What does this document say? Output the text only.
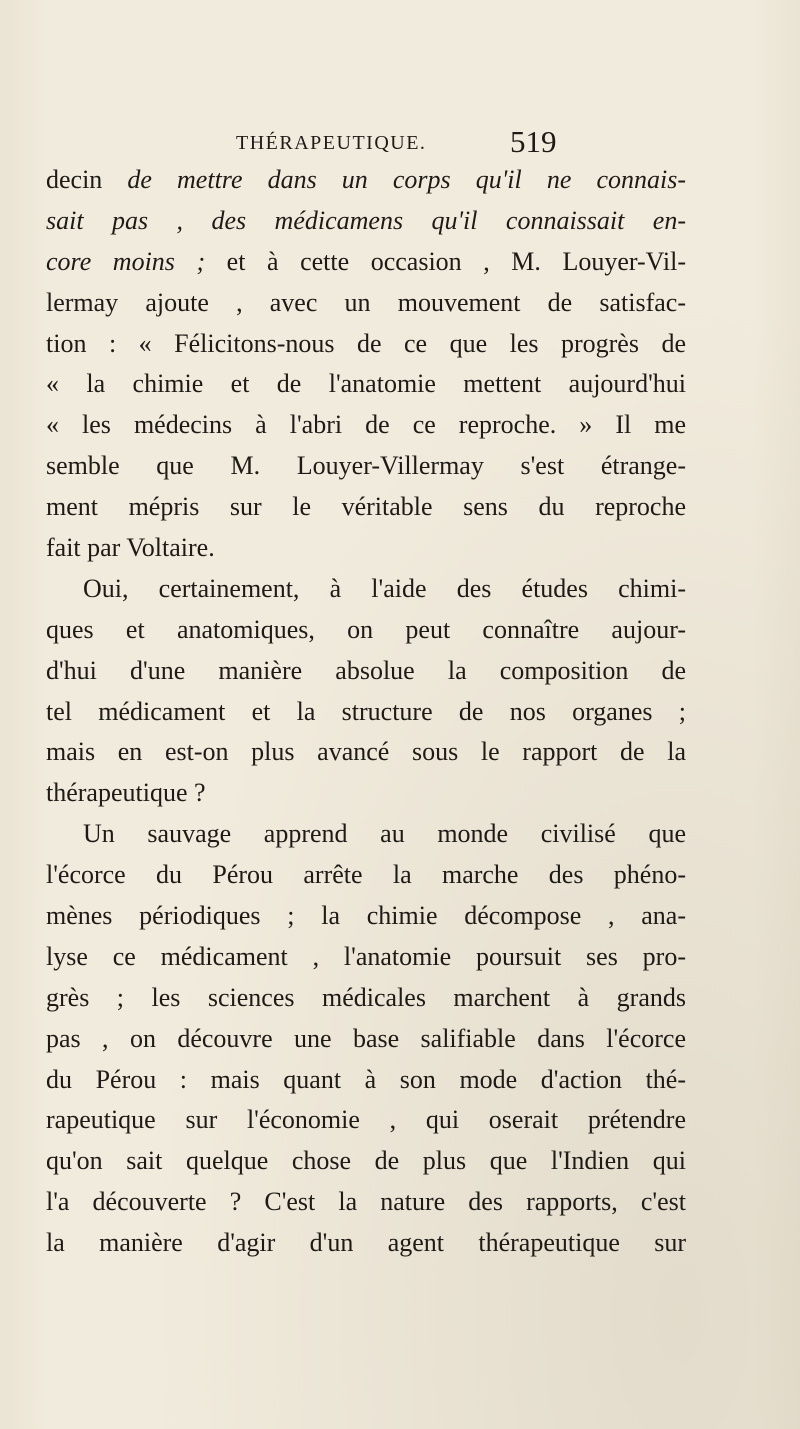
THÉRAPEUTIQUE.	519
decin de mettre dans un corps qu'il ne connais-
sait pas , des médicamens qu'il connaissait en-
core moins ; et à cette occasion , M. Louyer-Vil-
lermay ajoute , avec un mouvement de satisfac-
tion : « Félicitons-nous de ce que les progrès de
« la chimie et de l'anatomie mettent aujourd'hui
« les médecins à l'abri de ce reproche. » Il me
semble que M. Louyer-Villermay s'est étrange-
ment mépris sur le véritable sens du reproche
fait par Voltaire.
Oui, certainement, à l'aide des études chimi-
ques et anatomiques, on peut connaître aujour-
d'hui d'une manière absolue la composition de
tel médicament et la structure de nos organes ;
mais en est-on plus avancé sous le rapport de la
thérapeutique ?
Un sauvage apprend au monde civilisé que
l'écorce du Pérou arrête la marche des phéno-
mènes périodiques ; la chimie décompose , ana-
lyse ce médicament , l'anatomie poursuit ses pro-
grès ; les sciences médicales marchent à grands
pas , on découvre une base salifiable dans l'écorce
du Pérou : mais quant à son mode d'action thé-
rapeutique sur l'économie , qui oserait prétendre
qu'on sait quelque chose de plus que l'Indien qui
l'a découverte ? C'est la nature des rapports, c'est
la manière d'agir d'un agent thérapeutique sur
